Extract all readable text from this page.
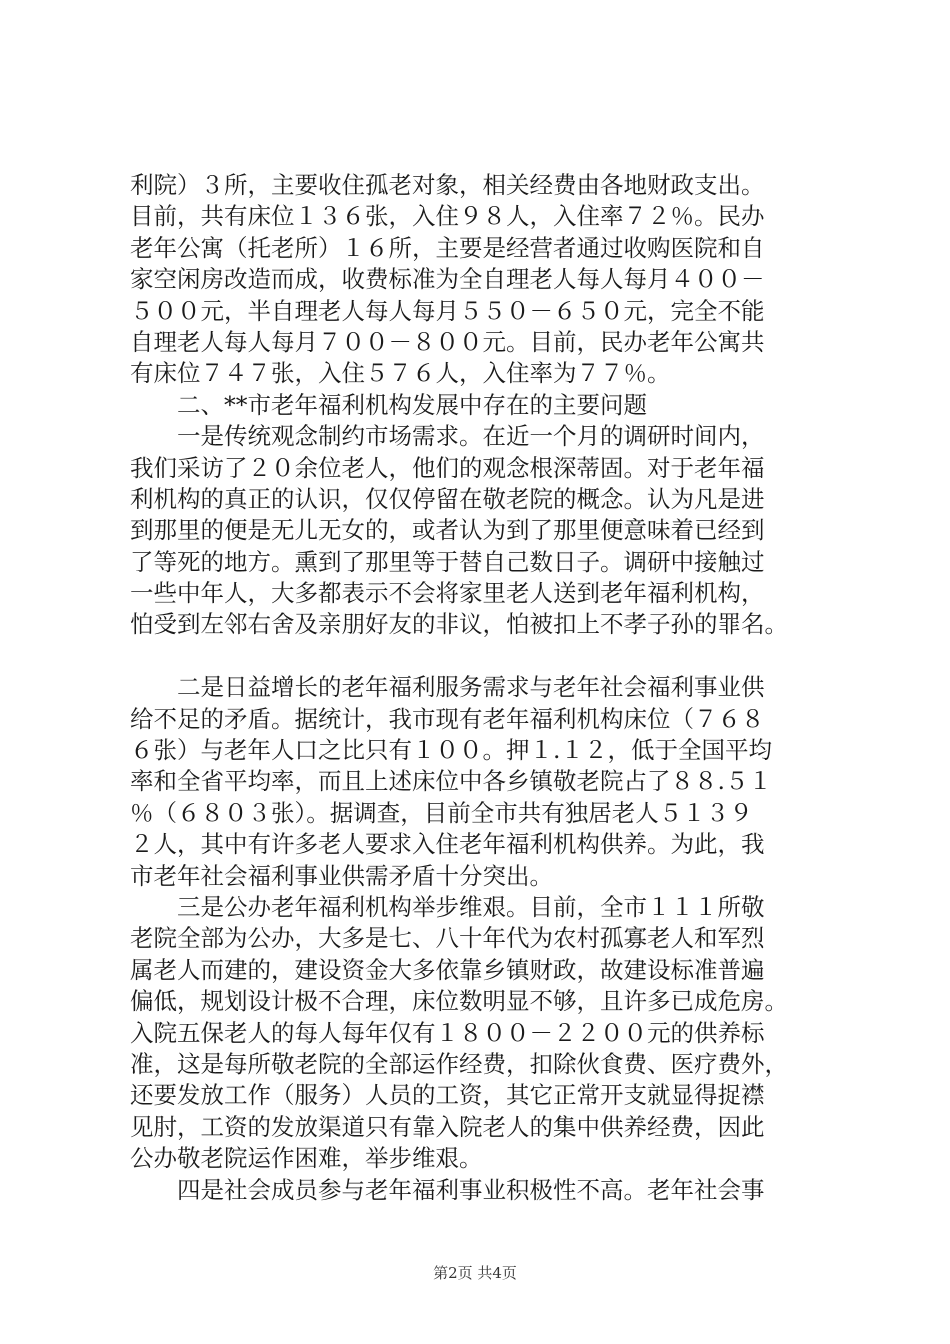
利院）３所，主要收住孤老对象，相关经费由各地财政支出。
目前，共有床位１３６张，入住９８人，入住率７２％。民办
老年公寓（托老所）１６所，主要是经营者通过收购医院和自
家空闲房改造而成，收费标准为全自理老人每人每月４００－
５００元，半自理老人每人每月５５０－６５０元，完全不能
自理老人每人每月７００－８００元。目前，民办老年公寓共
有床位７４７张，入住５７６人，入住率为７７％。
二、**市老年福利机构发展中存在的主要问题
一是传统观念制约市场需求。在近一个月的调研时间内，
我们采访了２０余位老人，他们的观念根深蒂固。对于老年福
利机构的真正的认识，仅仅停留在敬老院的概念。认为凡是进
到那里的便是无儿无女的，或者认为到了那里便意味着已经到
了等死的地方。熏到了那里等于替自己数日子。调研中接触过
一些中年人，大多都表示不会将家里老人送到老年福利机构，
怕受到左邻右舍及亲朋好友的非议，怕被扣上不孝子孙的罪名。
二是日益增长的老年福利服务需求与老年社会福利事业供
给不足的矛盾。据统计，我市现有老年福利机构床位（７６８
６张）与老年人口之比只有１００。押１.１２，低于全国平均
率和全省平均率，而且上述床位中各乡镇敬老院占了８８.５１
％（６８０３张）。据调查，目前全市共有独居老人５１３９
２人，其中有许多老人要求入住老年福利机构供养。为此，我
市老年社会福利事业供需矛盾十分突出。
三是公办老年福利机构举步维艰。目前，全市１１１所敬
老院全部为公办，大多是七、八十年代为农村孤寡老人和军烈
属老人而建的，建设资金大多依靠乡镇财政，故建设标准普遍
偏低，规划设计极不合理，床位数明显不够，且许多已成危房。
入院五保老人的每人每年仅有１８００－２２００元的供养标
准，这是每所敬老院的全部运作经费，扣除伙食费、医疗费外，
还要发放工作（服务）人员的工资，其它正常开支就显得捉襟
见肘，工资的发放渠道只有靠入院老人的集中供养经费，因此
公办敬老院运作困难，举步维艰。
四是社会成员参与老年福利事业积极性不高。老年社会事
第2页 共4页
